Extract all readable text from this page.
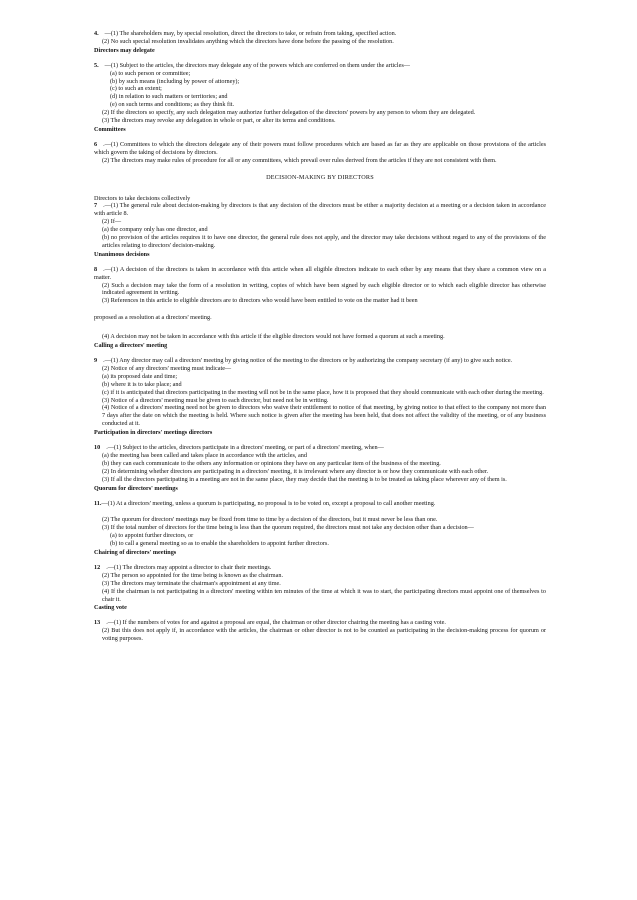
4. —(1) The shareholders may, by special resolution, direct the directors to take, or refrain from taking, specified action.

(2) No such special resolution invalidates anything which the directors have done before the passing of the resolution.

Directors may delegate

5. —(1) Subject to the articles, the directors may delegate any of the powers which are conferred on them under the articles—

(a) to such person or committee;

(b) by such means (including by power of attorney);

(c) to such an extent;

(d) in relation to such matters or territories; and

(e) on such terms and conditions; as they think fit.

(2) If the directors so specify, any such delegation may authorize further delegation of the directors' powers by any person to whom they are delegated.

(3) The directors may revoke any delegation in whole or part, or alter its terms and conditions.

Committees

6 .—(1) Committees to which the directors delegate any of their powers must follow procedures which are based as far as they are applicable on those provisions of the articles which govern the taking of decisions by directors.

(2) The directors may make rules of procedure for all or any committees, which prevail over rules derived from the articles if they are not consistent with them.

DECISION-MAKING BY DIRECTORS

Directors to take decisions collectively

7 .—(1) The general rule about decision-making by directors is that any decision of the directors must be either a majority decision at a meeting or a decision taken in accordance with article 8.

(2) If—

(a) the company only has one director, and

(b) no provision of the articles requires it to have one director, the general rule does not apply, and the director may take decisions without regard to any of the provisions of the articles relating to directors' decision-making.

Unanimous decisions

8 .—(1) A decision of the directors is taken in accordance with this article when all eligible directors indicate to each other by any means that they share a common view on a matter.

(2) Such a decision may take the form of a resolution in writing, copies of which have been signed by each eligible director or to which each eligible director has otherwise indicated agreement in writing.

(3) References in this article to eligible directors are to directors who would have been entitled to vote on the matter had it been

proposed as a resolution at a directors' meeting.

(4) A decision may not be taken in accordance with this article if the eligible directors would not have formed a quorum at such a meeting.

Calling a directors' meeting

9 .—(1) Any director may call a directors' meeting by giving notice of the meeting to the directors or by authorizing the company secretary (if any) to give such notice.

(2) Notice of any directors' meeting must indicate—

(a) its proposed date and time;

(b) where it is to take place; and

(c) if it is anticipated that directors participating in the meeting will not be in the same place, how it is proposed that they should communicate with each other during the meeting.

(3) Notice of a directors' meeting must be given to each director, but need not be in writing.

(4) Notice of a directors' meeting need not be given to directors who waive their entitlement to notice of that meeting, by giving notice to that effect to the company not more than 7 days after the date on which the meeting is held. Where such notice is given after the meeting has been held, that does not affect the validity of the meeting, or of any business conducted at it.

Participation in directors' meetings directors

10 .—(1) Subject to the articles, directors participate in a directors' meeting, or part of a directors' meeting, when—

(a) the meeting has been called and takes place in accordance with the articles, and

(b) they can each communicate to the others any information or opinions they have on any particular item of the business of the meeting.

(2) In determining whether directors are participating in a directors' meeting, it is irrelevant where any director is or how they communicate with each other.

(3) If all the directors participating in a meeting are not in the same place, they may decide that the meeting is to be treated as taking place wherever any of them is.

Quorum for directors' meetings

11.—(1) At a directors' meeting, unless a quorum is participating, no proposal is to be voted on, except a proposal to call another meeting.

(2) The quorum for directors' meetings may be fixed from time to time by a decision of the directors, but it must never be less than one.

(3) If the total number of directors for the time being is less than the quorum required, the directors must not take any decision other than a decision—

(a) to appoint further directors, or

(b) to call a general meeting so as to enable the shareholders to appoint further directors.

Chairing of directors' meetings

12 .—(1) The directors may appoint a director to chair their meetings.

(2) The person so appointed for the time being is known as the chairman.

(3) The directors may terminate the chairman's appointment at any time.

(4) If the chairman is not participating in a directors' meeting within ten minutes of the time at which it was to start, the participating directors must appoint one of themselves to chair it.

Casting vote

13 .—(1) If the numbers of votes for and against a proposal are equal, the chairman or other director chairing the meeting has a casting vote.

(2) But this does not apply if, in accordance with the articles, the chairman or other director is not to be counted as participating in the decision-making process for quorum or voting purposes.
